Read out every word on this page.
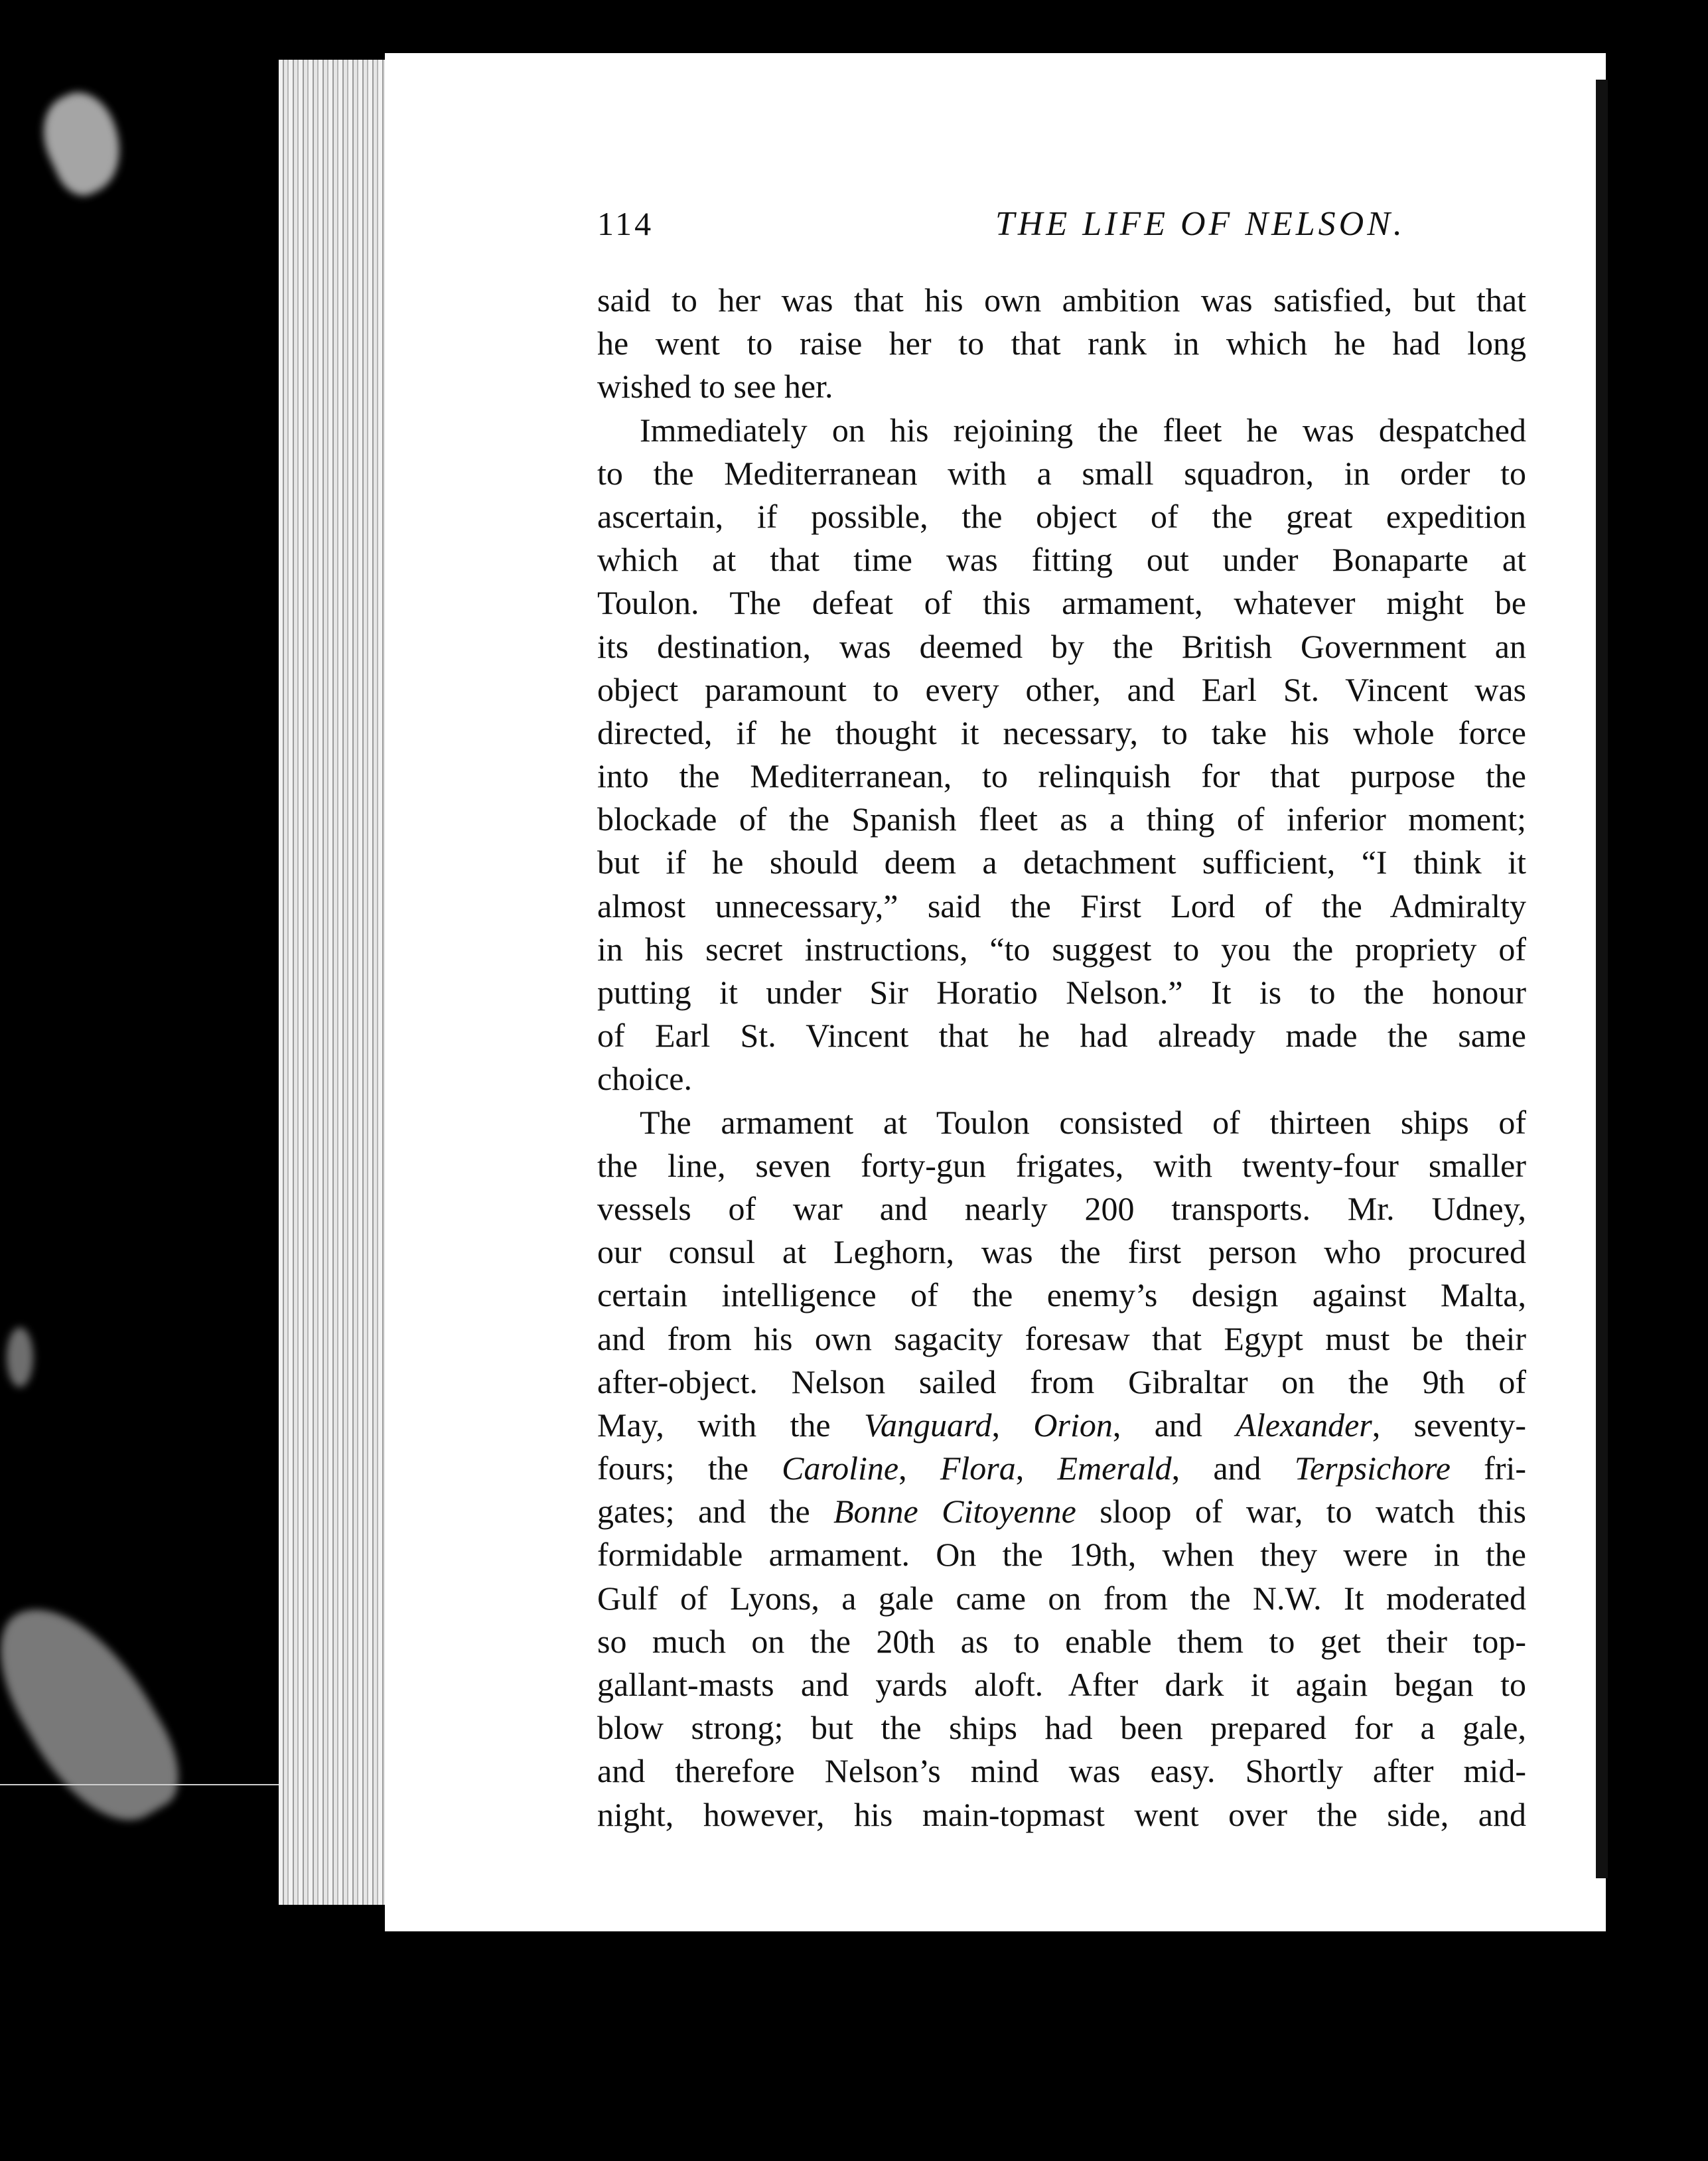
114	THE LIFE OF NELSON.
said to her was that his own ambition was satisfied, but that
he went to raise her to that rank in which he had long
wished to see her.
Immediately on his rejoining the fleet he was despatched
to the Mediterranean with a small squadron, in order to
ascertain, if possible, the object of the great expedition
which at that time was fitting out under Bonaparte at
Toulon. The defeat of this armament, whatever might be
its destination, was deemed by the British Government an
object paramount to every other, and Earl St. Vincent was
directed, if he thought it necessary, to take his whole force
into the Mediterranean, to relinquish for that purpose the
blockade of the Spanish fleet as a thing of inferior moment;
but if he should deem a detachment sufficient, “I think it
almost unnecessary,” said the First Lord of the Admiralty
in his secret instructions, “to suggest to you the propriety of
putting it under Sir Horatio Nelson.” It is to the honour
of Earl St. Vincent that he had already made the same
choice.
The armament at Toulon consisted of thirteen ships of
the line, seven forty-gun frigates, with twenty-four smaller
vessels of war and nearly 200 transports. Mr. Udney,
our consul at Leghorn, was the first person who procured
certain intelligence of the enemy’s design against Malta,
and from his own sagacity foresaw that Egypt must be their
after-object. Nelson sailed from Gibraltar on the 9th of
May, with the Vanguard, Orion, and Alexander, seventy-
fours; the Caroline, Flora, Emerald, and Terpsichore fri-
gates; and the Bonne Citoyenne sloop of war, to watch this
formidable armament. On the 19th, when they were in the
Gulf of Lyons, a gale came on from the N.W. It moderated
so much on the 20th as to enable them to get their top-
gallant-masts and yards aloft. After dark it again began to
blow strong; but the ships had been prepared for a gale,
and therefore Nelson’s mind was easy. Shortly after mid-
night, however, his main-topmast went over the side, and
